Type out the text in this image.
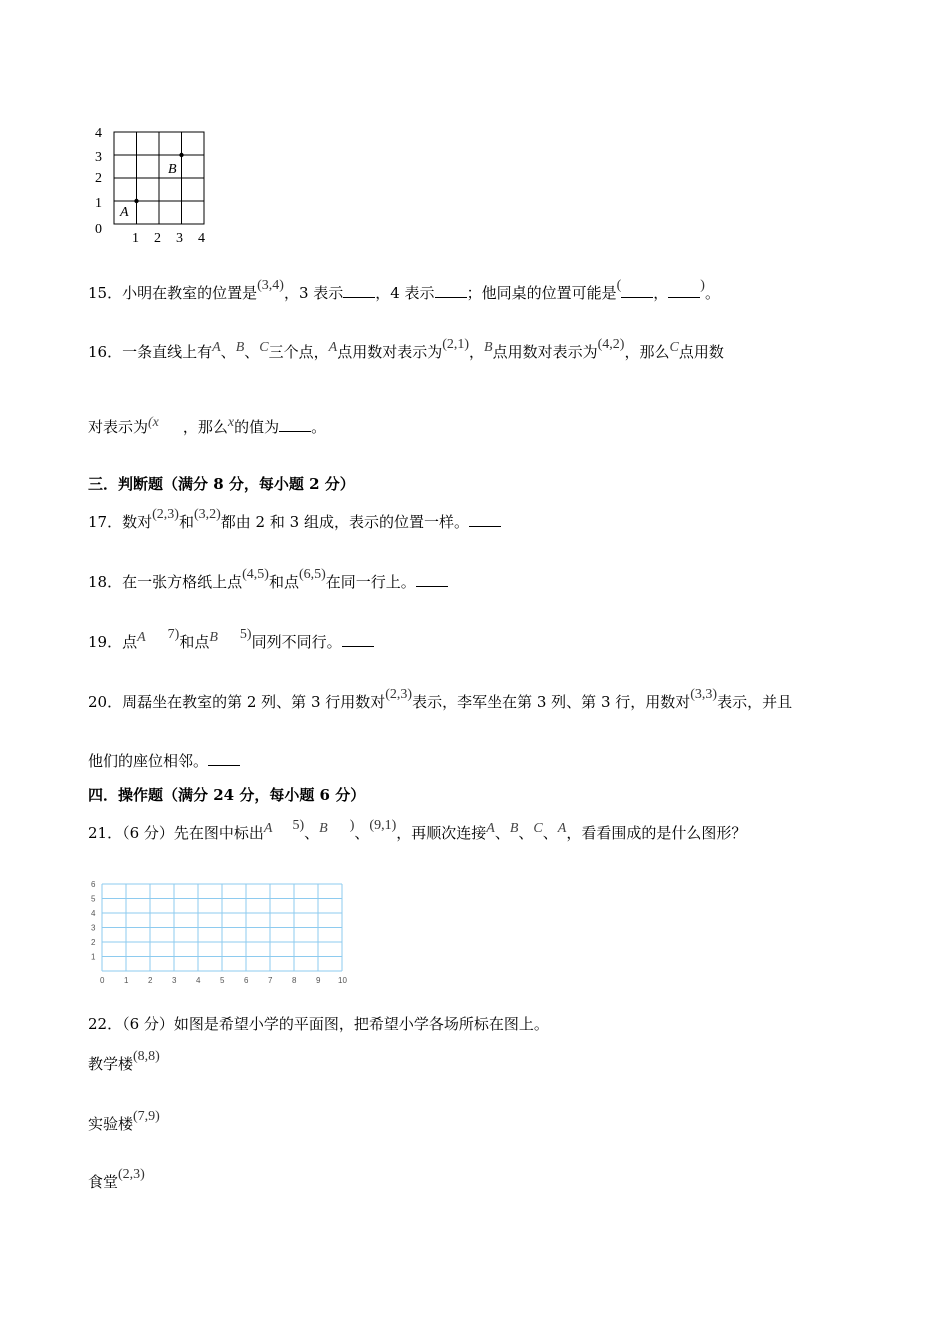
4
3
2
1
0
1 2 3 4
A
B
15．小明在教室的位置是(3,4)，3 表示 ，4 表示 ；他同桌的位置可能是( ， )。
16．一条直线上有A、B、C三个点，A点用数对表示为(2,1)，B点用数对表示为(4,2)，那么C点用数
对表示为(x ，那么x的值为 。
三．判断题（满分 8 分，每小题 2 分）
17．数对(2,3)和(3,2)都由 2 和 3 组成，表示的位置一样。
18．在一张方格纸上点(4,5)和点(6,5)在同一行上。
19．点A 7)和点B 5)同列不同行。
20．周磊坐在教室的第 2 列、第 3 行用数对(2,3)表示，李军坐在第 3 列、第 3 行，用数对(3,3)表示，并且
他们的座位相邻。
四．操作题（满分 24 分，每小题 6 分）
21．（6 分）先在图中标出A 5)、B )、(9,1)，再顺次连接A、B、C、A，看看围成的是什么图形？
6
5
4
3
2
1
0 1 2 3 4 5 6 7 8 9 10
22．（6 分）如图是希望小学的平面图，把希望小学各场所标在图上。
教学楼(8,8)
实验楼(7,9)
食堂(2,3)
